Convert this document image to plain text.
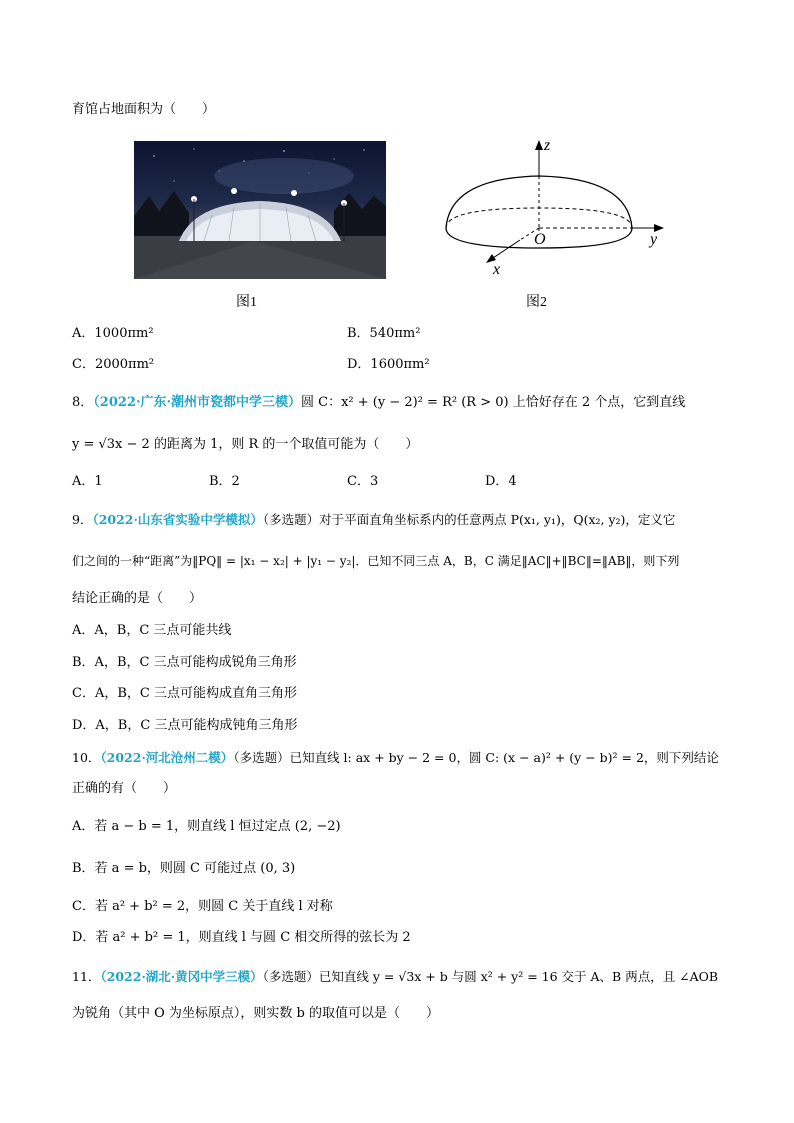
育馆占地面积为（　　）
图1
z
y
x
O
图2
A．1000πm²	B．540πm²
C．2000πm²	D．1600πm²
8．（2022·广东·潮州市瓷都中学三模）圆 C：x² + (y − 2)² = R² (R > 0) 上恰好存在 2 个点，它到直线
y = √3x − 2 的距离为 1，则 R 的一个取值可能为（　　）
A．1	B．2	C．3	D．4
9．（2022·山东省实验中学模拟）（多选题）对于平面直角坐标系内的任意两点 P(x₁, y₁)，Q(x₂, y₂)，定义它
们之间的一种“距离”为‖PQ‖ = |x₁ − x₂| + |y₁ − y₂|．已知不同三点 A，B，C 满足‖AC‖+‖BC‖=‖AB‖，则下列
结论正确的是（　　）
A．A，B，C 三点可能共线
B．A，B，C 三点可能构成锐角三角形
C．A，B，C 三点可能构成直角三角形
D．A，B，C 三点可能构成钝角三角形
10．（2022·河北沧州二模）（多选题）已知直线 l: ax + by − 2 = 0，圆 C: (x − a)² + (y − b)² = 2，则下列结论
正确的有（　　）
A．若 a − b = 1，则直线 l 恒过定点 (2, −2)
B．若 a = b，则圆 C 可能过点 (0, 3)
C．若 a² + b² = 2，则圆 C 关于直线 l 对称
D．若 a² + b² = 1，则直线 l 与圆 C 相交所得的弦长为 2
11．（2022·湖北·黄冈中学三模）（多选题）已知直线 y = √3x + b 与圆 x² + y² = 16 交于 A、B 两点，且 ∠AOB
为锐角（其中 O 为坐标原点），则实数 b 的取值可以是（　　）
